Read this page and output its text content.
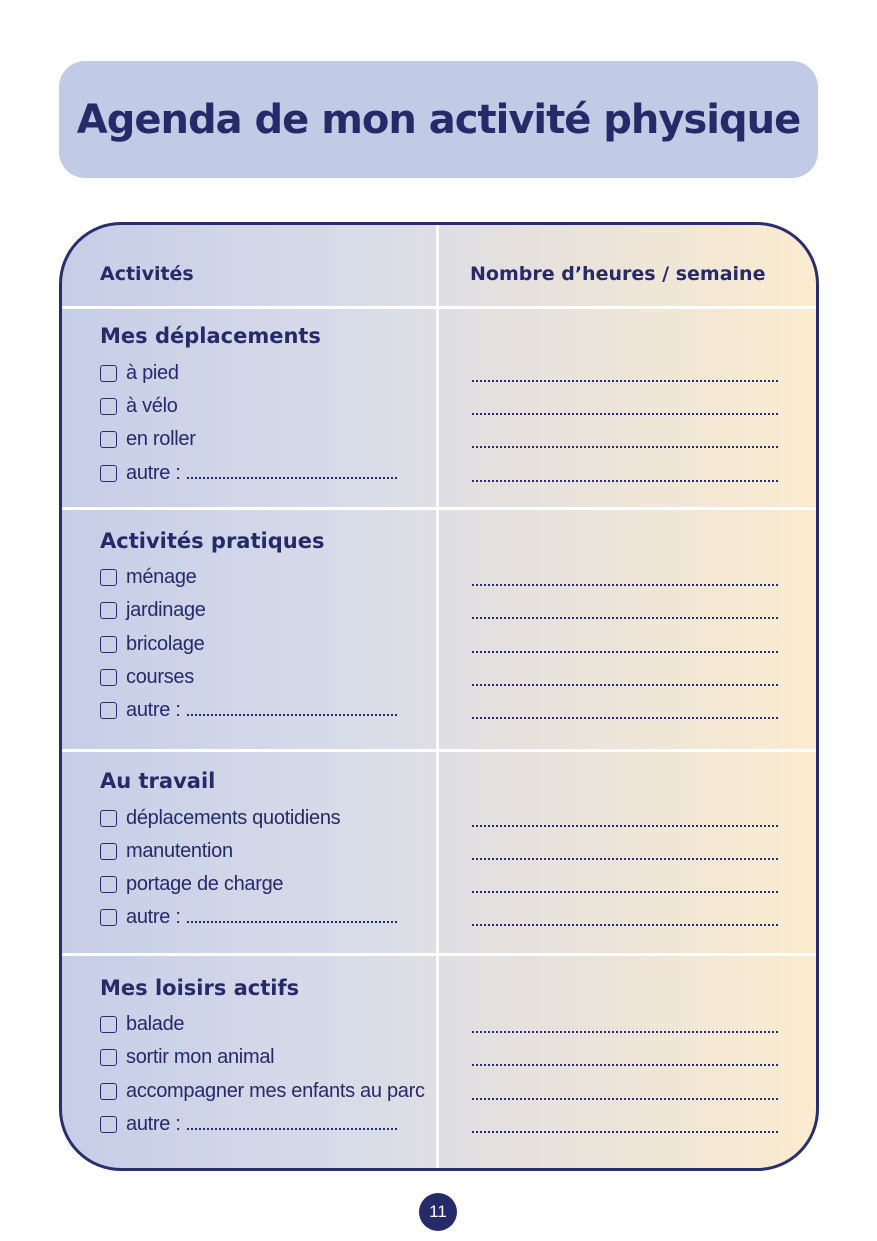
Agenda de mon activité physique
Activités	Nombre d’heures / semaine
Mes déplacements
à pied
à vélo
en roller
autre :
Activités pratiques
ménage
jardinage
bricolage
courses
autre :
Au travail
déplacements quotidiens
manutention
portage de charge
autre :
Mes loisirs actifs
balade
sortir mon animal
accompagner mes enfants au parc
autre :
11
